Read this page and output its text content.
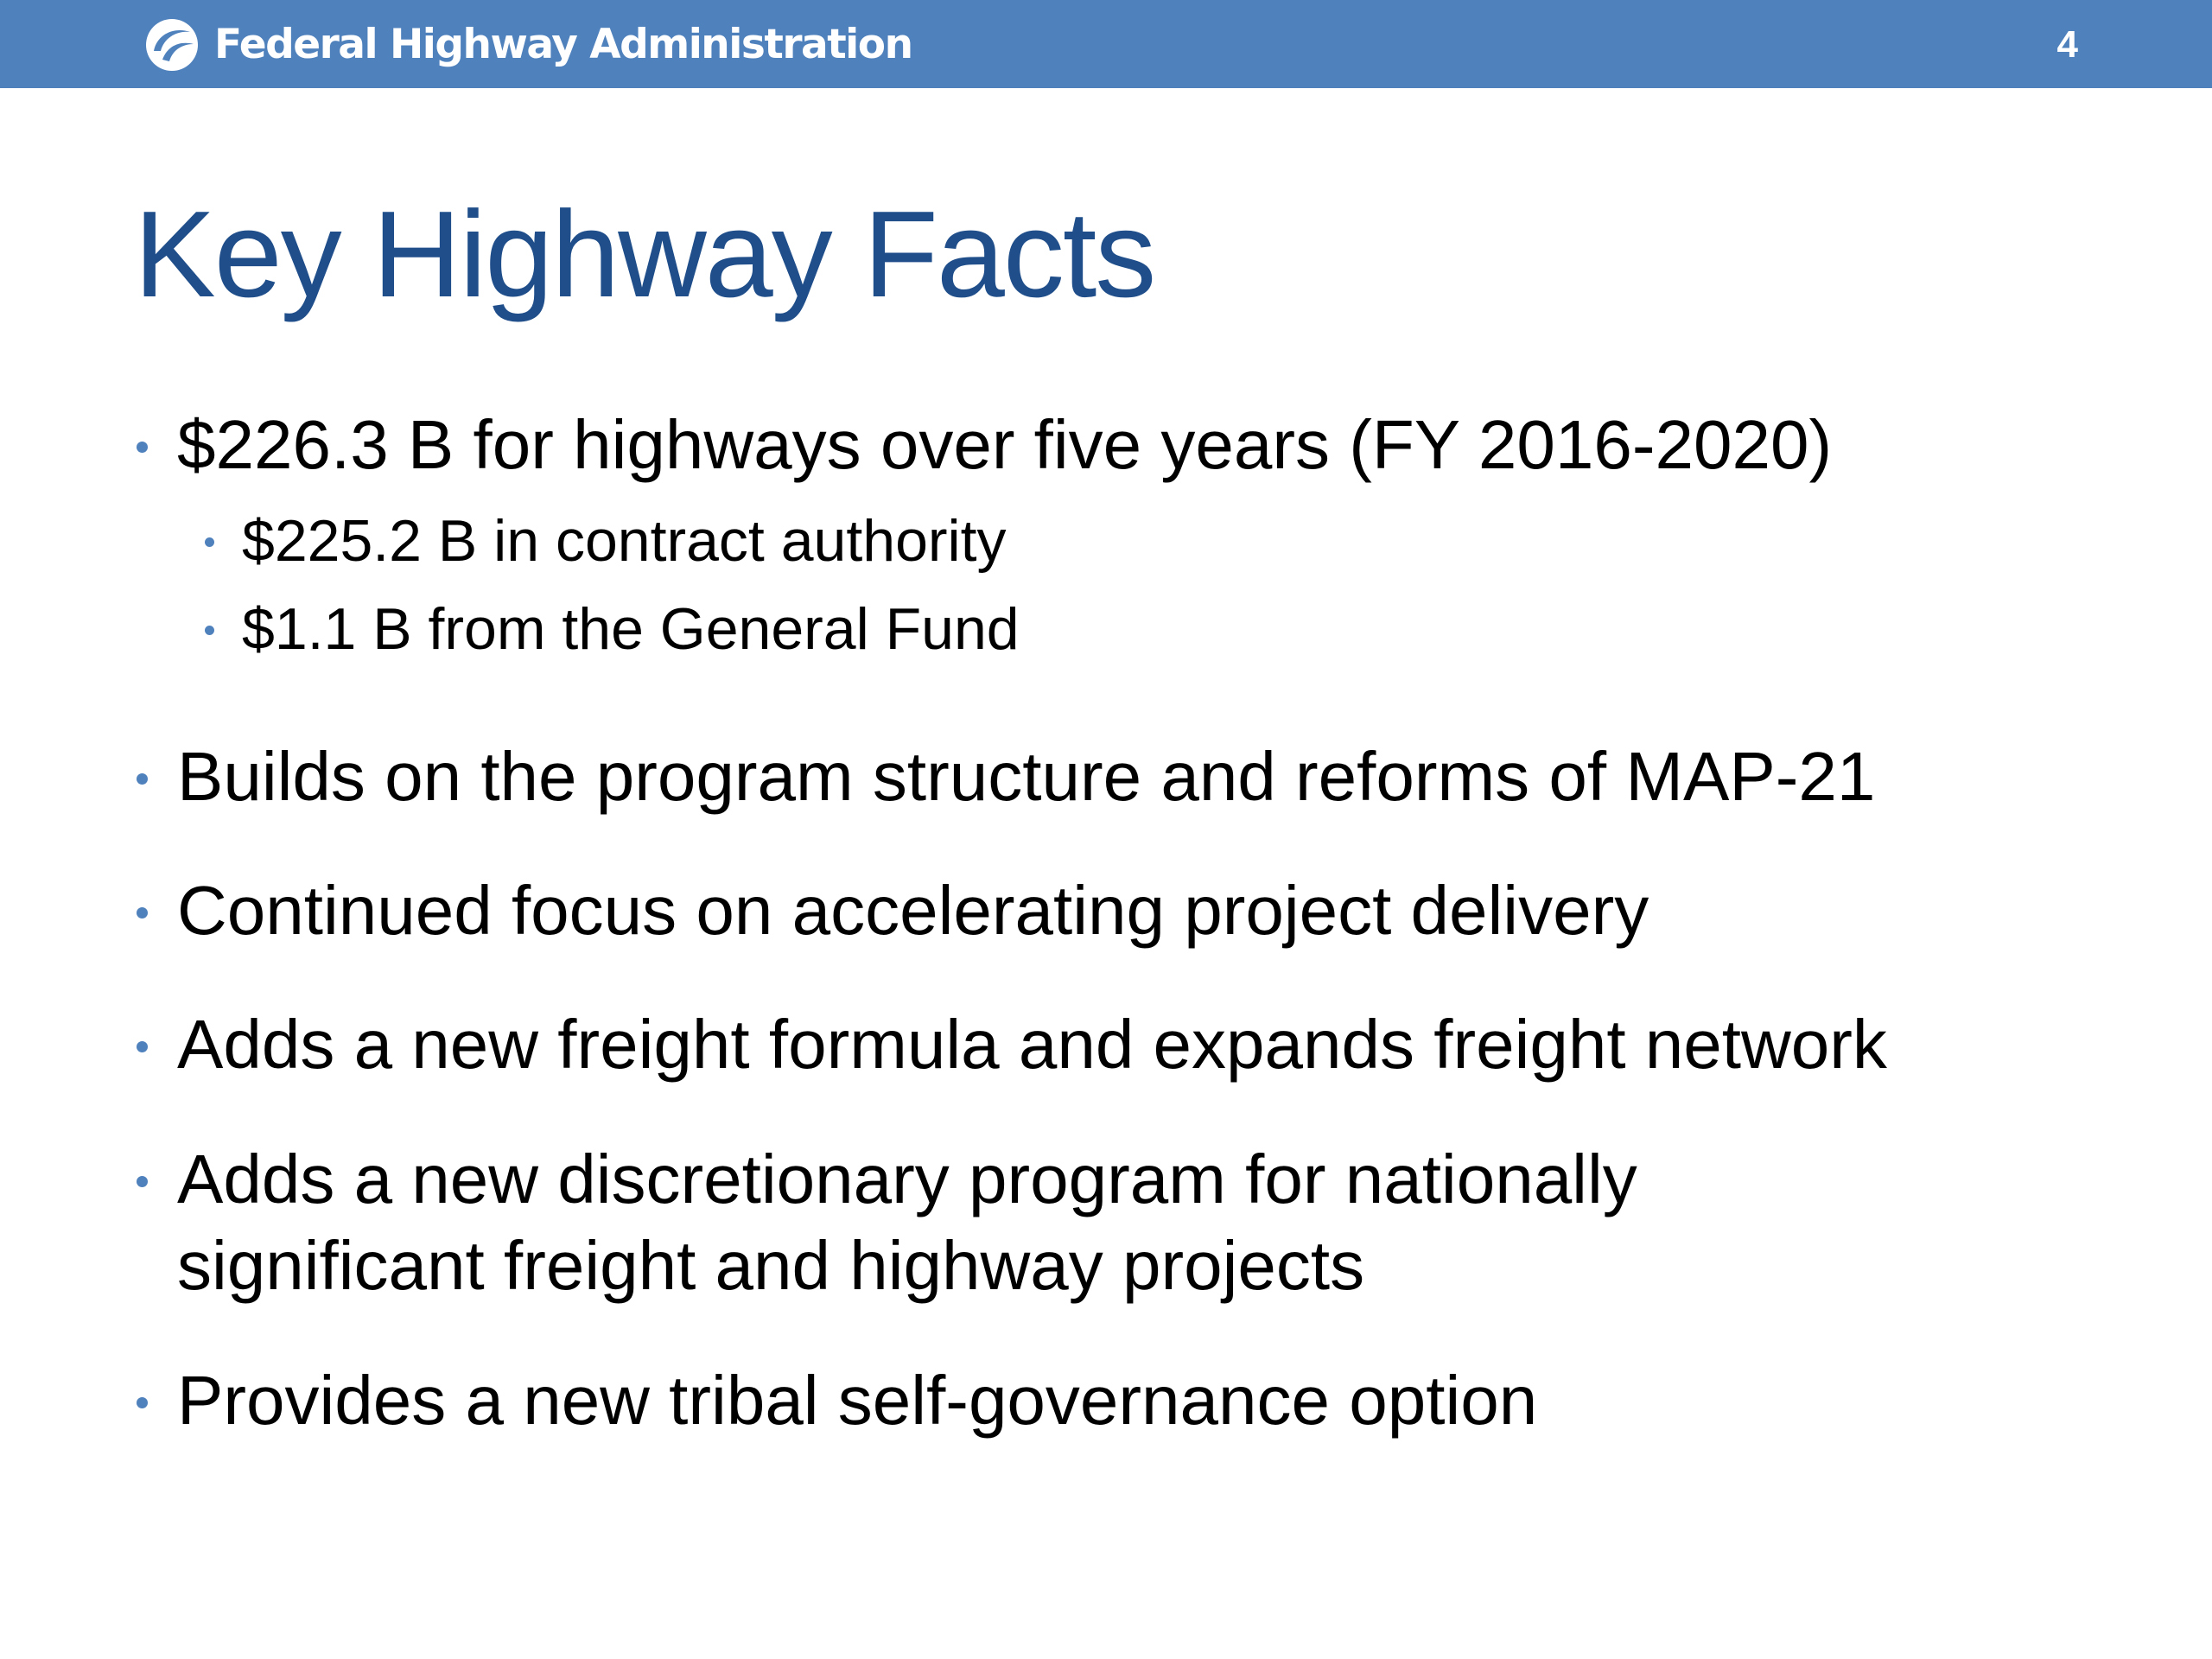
Federal Highway Administration	4
Key Highway Facts
$226.3 B for highways over five years (FY 2016-2020)
$225.2 B in contract authority
$1.1 B from the General Fund
Builds on the program structure and reforms of MAP-21
Continued focus on accelerating project delivery
Adds a new freight formula and expands freight network
Adds a new discretionary program for nationally
significant freight and highway projects
Provides a new tribal self-governance option
